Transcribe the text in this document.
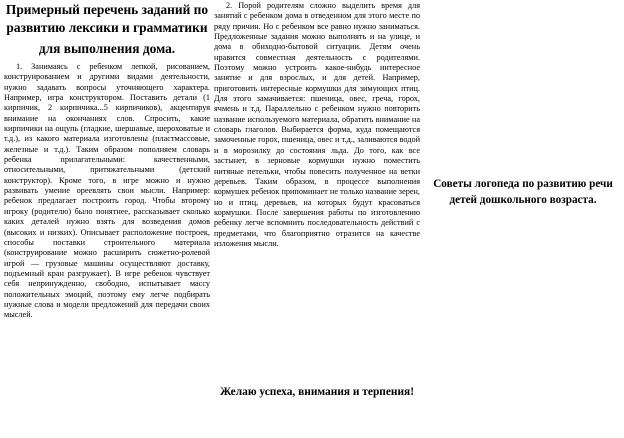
Примерный перечень заданий по
развитию лексики и грамматики

для выполнения дома.

1. Занимаясь с ребенком лепкой, рисованием, конструированием и другими видами деятельности, нужно задавать вопросы уточняющего характера. Например, игра конструктором. Поставить детали (1 кирпичик, 2 кирпичика...5 кирпичиков), акцентируя внимание на окончаниях слов. Спросить, какие кирпичики на ощупь (гладкие, шершавые, шероховатые и т.д.), из какого материала изготовлены (пластмассовые, железные и т.д.). Таким образом пополняем словарь ребенка прилагательными: качественными, относительными, притяжательными (детский конструктор). Кроме того, в игре можно и нужно развивать умение ореевлять свои мысли. Например: ребенок предлагает построить город. Чтобы второму игроку (родителю) было понятнее, рассказывает сколько каких деталей нужно взять для возведения домов (высоких и низких). Описывает расположение построек, способы поставки строительного материала (конструирование можно расширить сюжетно-ролевой игрой — грузовые машины осуществляют доставку, подъемный кран разгружает). В игре ребенок чувствует себя непринужденно, свободно, испытывает массу положительных эмоций, поэтому ему легче подбирать нужные слова и модели предложений для передачи своих мыслей.

2. Порой родителям сложно выделить время для занятий с ребенком дома в отведенном для этого месте по ряду причин. Но с ребенком все равно нужно заниматься. Предложенные задания можно выполнять и на улице, и дома в обиходно-бытовой ситуации. Детям очень нравится совместная деятельность с родителями. Поэтому можно устроить какое-нибудь интересное занятие и для взрослых, и для детей. Например, приготовить интересные кормушки для зимующих птиц. Для этого замачивается: пшеница, овес, греча, горох, ячмень и т.д. Параллельно с ребенком нужно повторить название используемого материала, обратить внимание на словарь глаголов. Выбирается форма, куда помещаются замоченные горох, пшеница, овес и т.д., заливаются водой и в морозилку до состояния льда. До того, как все застынет, в зерновые кормушки нужно поместить нитяные петельки, чтобы повесить полученное на ветки деревьев. Таким образом, в процессе выполнения кормушек ребенок припоминает не только название зерен, но и птиц, деревьев, на которых будут красоваться кормушки. После завершения работы по изготовлению ребенку легче вспомнить последовательность действий с предметами, что благоприятно отразится на качестве изложения мысли.

Желаю успеха, внимания и терпения!
Советы логопеда по развитию речи детей дошкольного возраста.
